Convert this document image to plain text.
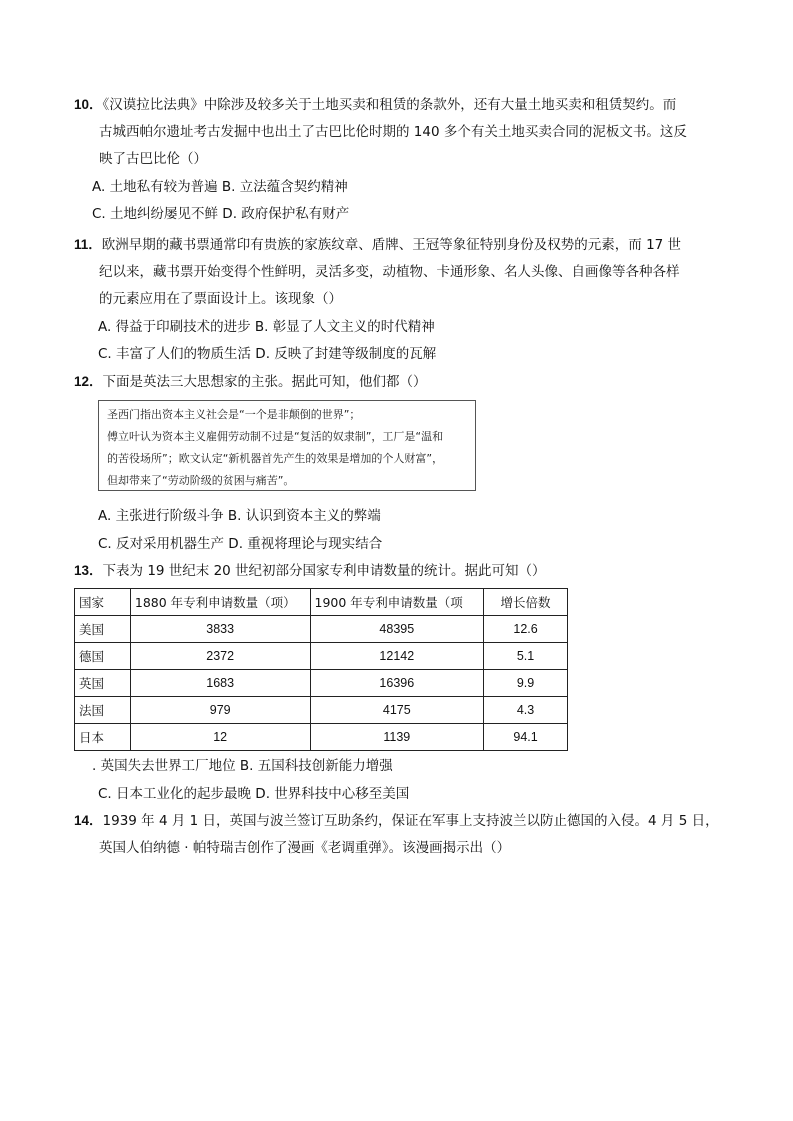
10．《汉谟拉比法典》中除涉及较多关于土地买卖和租赁的条款外，还有大量土地买卖和租赁契约。而
古城西帕尔遗址考古发掘中也出土了古巴比伦时期的 140 多个有关土地买卖合同的泥板文书。这反
映了古巴比伦（）
A. 土地私有较为普遍 B. 立法蕴含契约精神
C. 土地纠纷屡见不鲜 D. 政府保护私有财产
11．欧洲早期的藏书票通常印有贵族的家族纹章、盾牌、王冠等象征特别身份及权势的元素，而 17 世
纪以来，藏书票开始变得个性鲜明，灵活多变，动植物、卡通形象、名人头像、自画像等各种各样
的元素应用在了票面设计上。该现象（）
A. 得益于印刷技术的进步 B. 彰显了人文主义的时代精神
C. 丰富了人们的物质生活 D. 反映了封建等级制度的瓦解
12．下面是英法三大思想家的主张。据此可知，他们都（）
圣西门指出资本主义社会是“一个是非颠倒的世界”；
傅立叶认为资本主义雇佣劳动制不过是“复活的奴隶制”，工厂是“温和
的苦役场所”；欧文认定“新机器首先产生的效果是增加的个人财富”，
但却带来了“劳动阶级的贫困与痛苦”。
A. 主张进行阶级斗争 B. 认识到资本主义的弊端
C. 反对采用机器生产 D. 重视将理论与现实结合
13．下表为 19 世纪末 20 世纪初部分国家专利申请数量的统计。据此可知（）
国家	1880 年专利申请数量（项）	1900 年专利申请数量（项	增长倍数
美国	3833	48395	12.6
德国	2372	12142	5.1
英国	1683	16396	9.9
法国	979	4175	4.3
日本	12	1139	94.1
. 英国失去世界工厂地位 B. 五国科技创新能力增强
C. 日本工业化的起步最晚 D. 世界科技中心移至美国
14．1939 年 4 月 1 日，英国与波兰签订互助条约，保证在军事上支持波兰以防止德国的入侵。4 月 5 日，
英国人伯纳德 · 帕特瑞吉创作了漫画《老调重弹》。该漫画揭示出（）
